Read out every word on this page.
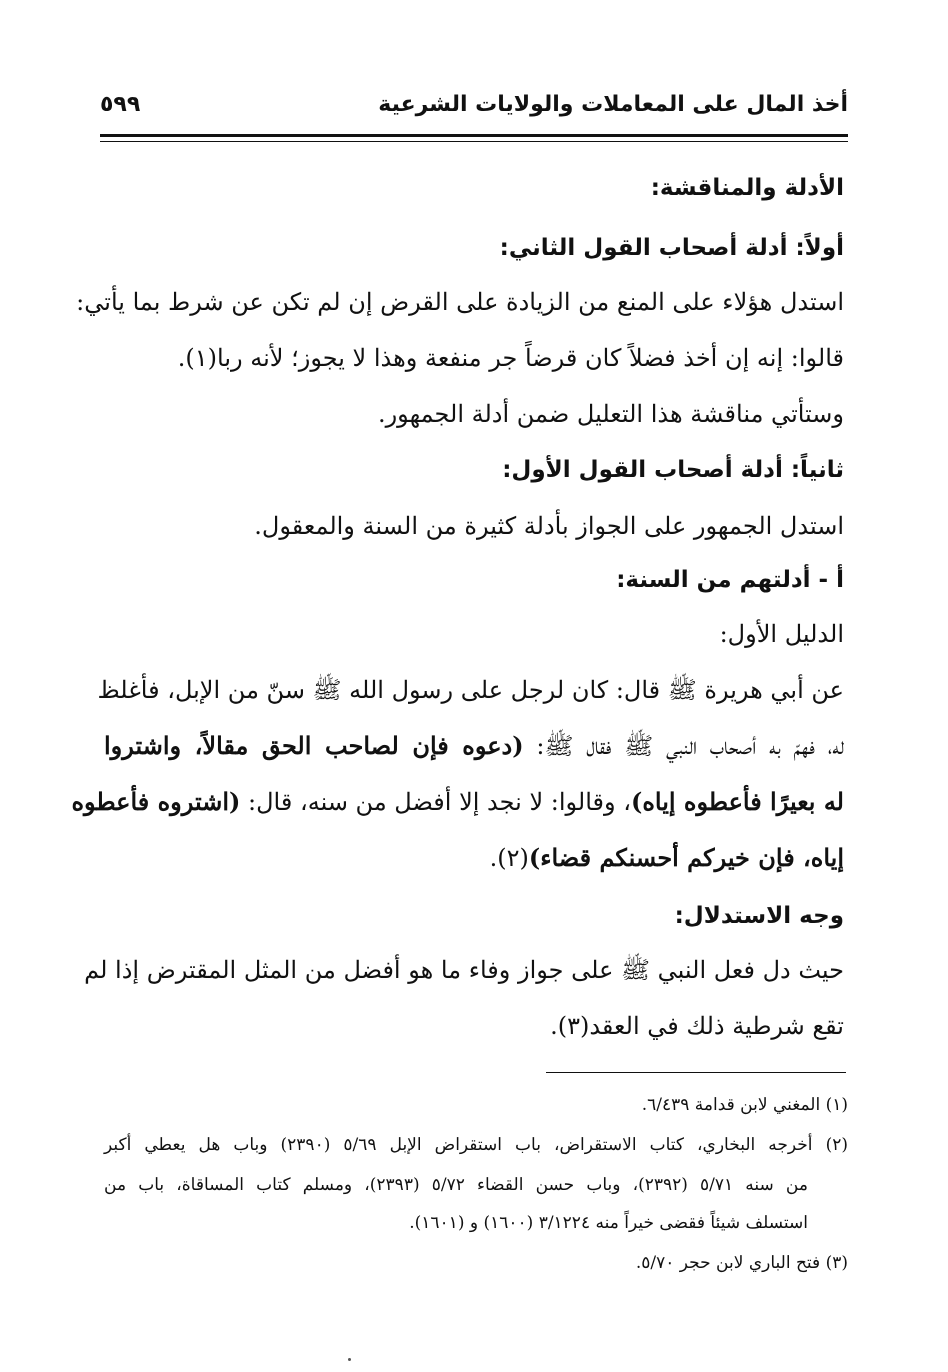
أخذ المال على المعاملات والولايات الشرعية
٥٩٩
الأدلة والمناقشة:
أولاً: أدلة أصحاب القول الثاني:
استدل هؤلاء على المنع من الزيادة على القرض إن لم تكن عن شرط بما يأتي:
قالوا: إنه إن أخذ فضلاً كان قرضاً جر منفعة وهذا لا يجوز؛ لأنه ربا(١).
وستأتي مناقشة هذا التعليل ضمن أدلة الجمهور.
ثانياً: أدلة أصحاب القول الأول:
استدل الجمهور على الجواز بأدلة كثيرة من السنة والمعقول.
أ - أدلتهم من السنة:
الدليل الأول:
عن أبي هريرة ﷺ قال: كان لرجل على رسول الله ﷺ سنّ من الإبل، فأغلظ
له، فهمّ به أصحاب النبي ﷺ فقال ﷺ: (دعوه فإن لصاحب الحق مقالاً، واشتروا
له بعيرًا فأعطوه إياه)، وقالوا: لا نجد إلا أفضل من سنه، قال: (اشتروه فأعطوه
إياه، فإن خيركم أحسنكم قضاء)(٢).
وجه الاستدلال:
حيث دل فعل النبي ﷺ على جواز وفاء ما هو أفضل من المثل المقترض إذا لم
تقع شرطية ذلك في العقد(٣).
(١) المغني لابن قدامة ٦/٤٣٩.
(٢) أخرجه البخاري، كتاب الاستقراض، باب استقراض الإبل ٥/٦٩ (٢٣٩٠) وباب هل يعطي أكبر
من سنه ٥/٧١ (٢٣٩٢)، وباب حسن القضاء ٥/٧٢ (٢٣٩٣)، ومسلم كتاب المساقاة، باب من
استسلف شيئاً فقضى خيراً منه ٣/١٢٢٤ (١٦٠٠) و (١٦٠١).
(٣) فتح الباري لابن حجر ٥/٧٠.
